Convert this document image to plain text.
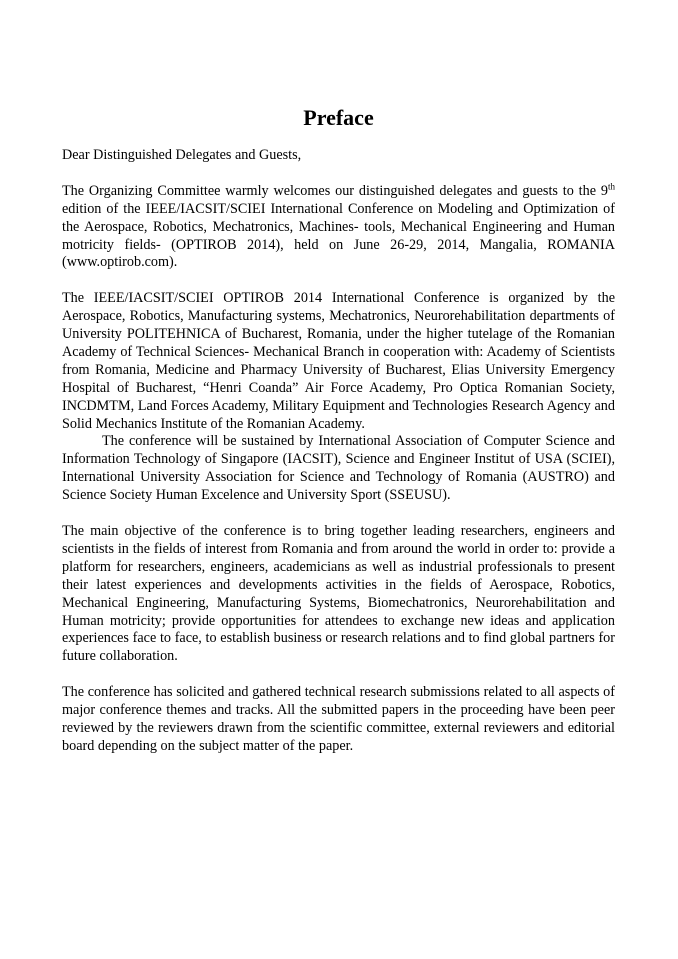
Preface

Dear Distinguished Delegates and Guests,

The Organizing Committee warmly welcomes our distinguished delegates and guests to the 9th edition of the IEEE/IACSIT/SCIEI International Conference on Modeling and Optimization of the Aerospace, Robotics, Mechatronics, Machines- tools, Mechanical Engineering and Human motricity fields- (OPTIROB 2014), held on June 26-29, 2014, Mangalia, ROMANIA (www.optirob.com).

The IEEE/IACSIT/SCIEI OPTIROB 2014 International Conference is organized by the Aerospace, Robotics, Manufacturing systems, Mechatronics, Neurorehabilitation departments of University POLITEHNICA of Bucharest, Romania, under the higher tutelage of the Romanian Academy of Technical Sciences- Mechanical Branch in cooperation with: Academy of Scientists from Romania, Medicine and Pharmacy University of Bucharest, Elias University Emergency Hospital of Bucharest, “Henri Coanda” Air Force Academy, Pro Optica Romanian Society, INCDMTM, Land Forces Academy, Military Equipment and Technologies Research Agency and Solid Mechanics Institute of the Romanian Academy.

The conference will be sustained by International Association of Computer Science and Information Technology of Singapore (IACSIT), Science and Engineer Institut of USA (SCIEI), International University Association for Science and Technology of Romania (AUSTRO) and Science Society Human Excelence and University Sport (SSEUSU).

The main objective of the conference is to bring together leading researchers, engineers and scientists in the fields of interest from Romania and from around the world in order to: provide a platform for researchers, engineers, academicians as well as industrial professionals to present their latest experiences and developments activities in the fields of Aerospace, Robotics, Mechanical Engineering, Manufacturing Systems, Biomechatronics, Neurorehabilitation and Human motricity; provide opportunities for attendees to exchange new ideas and application experiences face to face, to establish business or research relations and to find global partners for future collaboration.

The conference has solicited and gathered technical research submissions related to all aspects of major conference themes and tracks. All the submitted papers in the proceeding have been peer reviewed by the reviewers drawn from the scientific committee, external reviewers and editorial board depending on the subject matter of the paper.
